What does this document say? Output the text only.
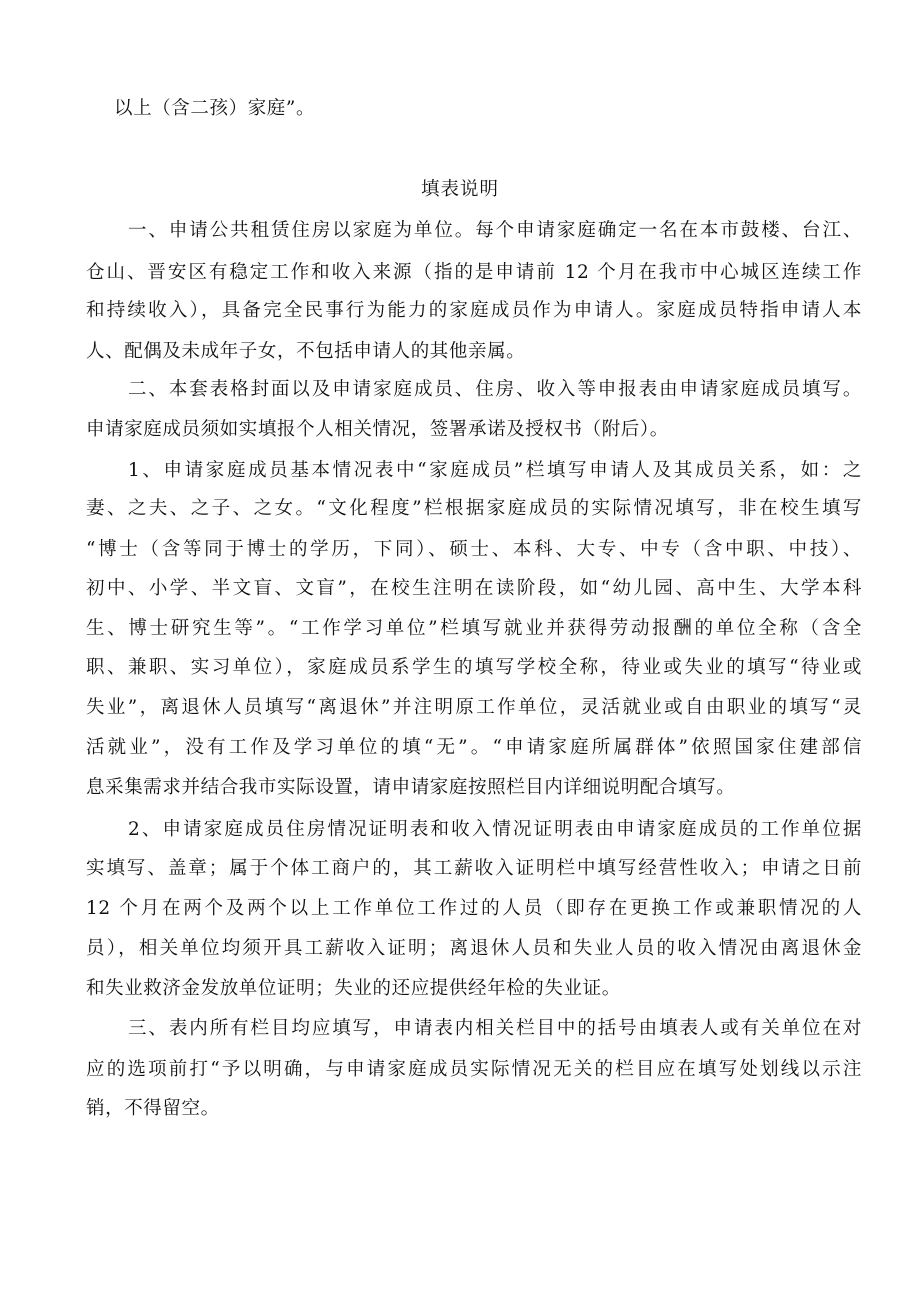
以上（含二孩）家庭”。
填表说明
一、申请公共租赁住房以家庭为单位。每个申请家庭确定一名在本市鼓楼、台江、
仓山、晋安区有稳定工作和收入来源（指的是申请前 12 个月在我市中心城区连续工作
和持续收入），具备完全民事行为能力的家庭成员作为申请人。家庭成员特指申请人本
人、配偶及未成年子女，不包括申请人的其他亲属。
二、本套表格封面以及申请家庭成员、住房、收入等申报表由申请家庭成员填写。
申请家庭成员须如实填报个人相关情况，签署承诺及授权书（附后）。
1、申请家庭成员基本情况表中“家庭成员”栏填写申请人及其成员关系，如：之
妻、之夫、之子、之女。“文化程度”栏根据家庭成员的实际情况填写，非在校生填写
“博士（含等同于博士的学历，下同）、硕士、本科、大专、中专（含中职、中技）、
初中、小学、半文盲、文盲”，在校生注明在读阶段，如“幼儿园、高中生、大学本科
生、博士研究生等”。“工作学习单位”栏填写就业并获得劳动报酬的单位全称（含全
职、兼职、实习单位），家庭成员系学生的填写学校全称，待业或失业的填写“待业或
失业”，离退休人员填写“离退休”并注明原工作单位，灵活就业或自由职业的填写“灵
活就业”，没有工作及学习单位的填“无”。“申请家庭所属群体”依照国家住建部信
息采集需求并结合我市实际设置，请申请家庭按照栏目内详细说明配合填写。
2、申请家庭成员住房情况证明表和收入情况证明表由申请家庭成员的工作单位据
实填写、盖章；属于个体工商户的，其工薪收入证明栏中填写经营性收入；申请之日前
12 个月在两个及两个以上工作单位工作过的人员（即存在更换工作或兼职情况的人
员），相关单位均须开具工薪收入证明；离退休人员和失业人员的收入情况由离退休金
和失业救济金发放单位证明；失业的还应提供经年检的失业证。
三、表内所有栏目均应填写，申请表内相关栏目中的括号由填表人或有关单位在对
应的选项前打“予以明确，与申请家庭成员实际情况无关的栏目应在填写处划线以示注
销，不得留空。
